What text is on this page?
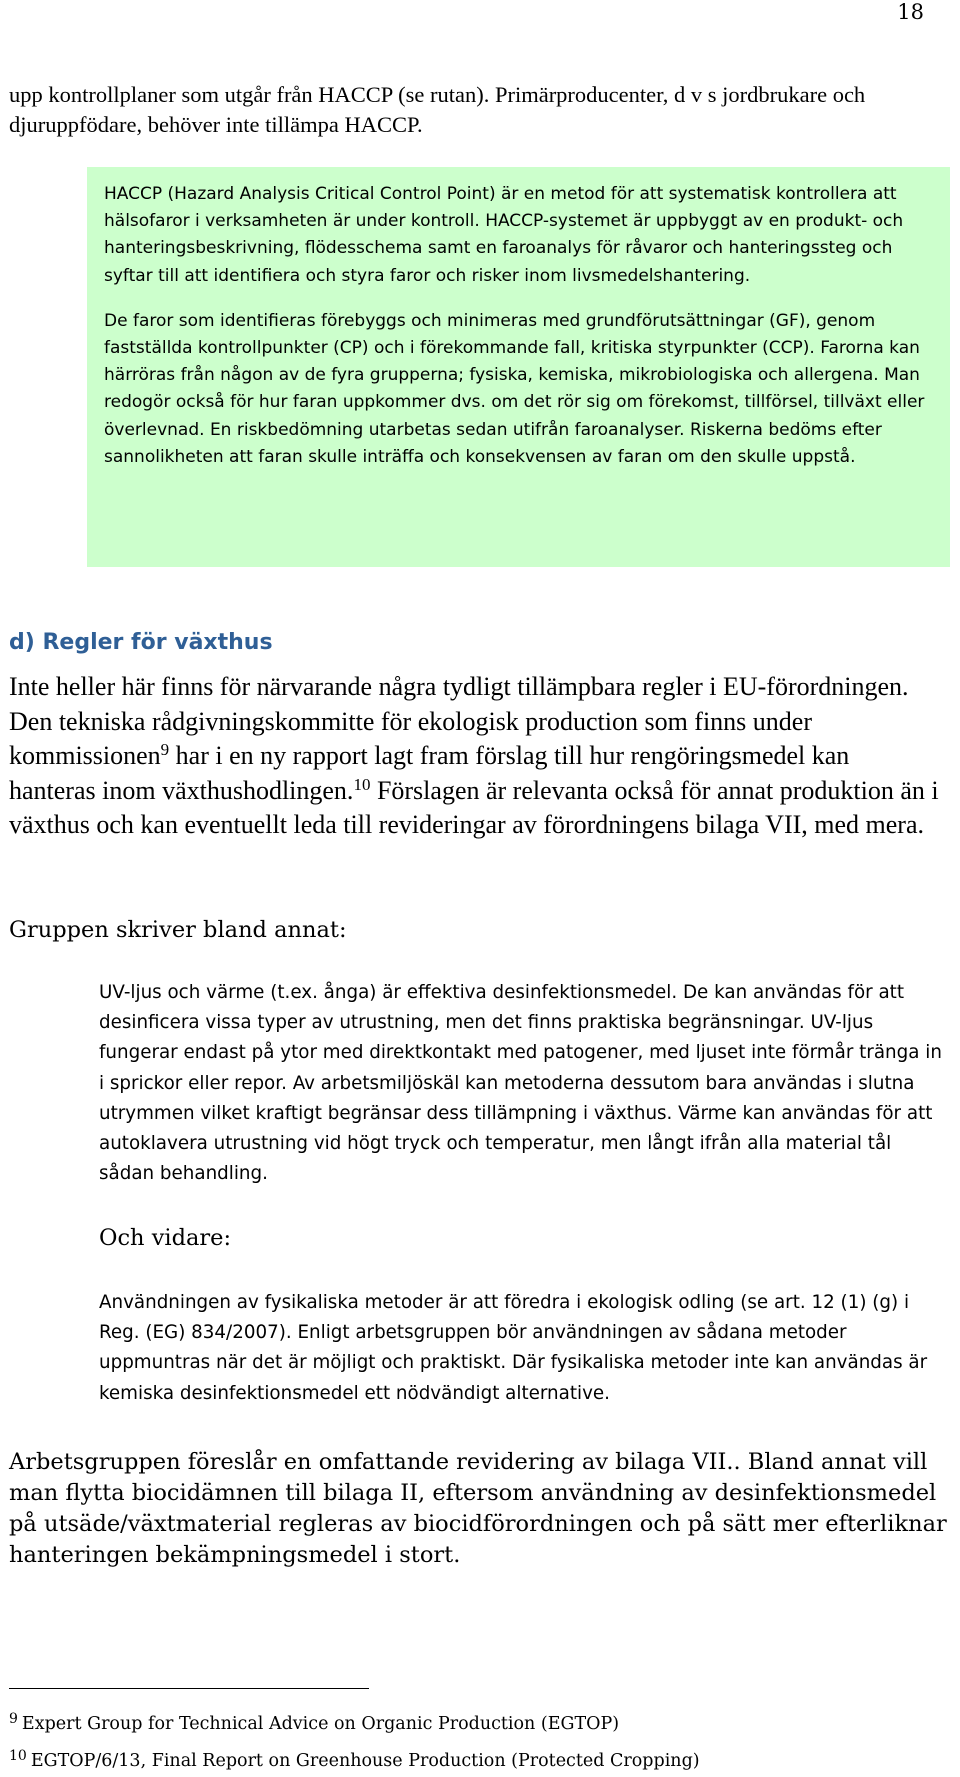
18

upp kontrollplaner som utgår från HACCP (se rutan). Primärproducenter, d v s jordbrukare och djuruppfödare, behöver inte tillämpa HACCP.

HACCP (Hazard Analysis Critical Control Point) är en metod för att systematisk kontrollera att hälsofaror i verksamheten är under kontroll. HACCP-systemet är uppbyggt av en produkt- och hanteringsbeskrivning, flödesschema samt en faroanalys för råvaror och hanteringssteg och syftar till att identifiera och styra faror och risker inom livsmedelshantering.

De faror som identifieras förebyggs och minimeras med grundförutsättningar (GF), genom fastställda kontrollpunkter (CP) och i förekommande fall, kritiska styrpunkter (CCP). Farorna kan härröras från någon av de fyra grupperna; fysiska, kemiska, mikrobiologiska och allergena. Man redogör också för hur faran uppkommer dvs. om det rör sig om förekomst, tillförsel, tillväxt eller överlevnad. En riskbedömning utarbetas sedan utifrån faroanalyser. Riskerna bedöms efter sannolikheten att faran skulle inträffa och konsekvensen av faran om den skulle uppstå.

d) Regler för växthus

Inte heller här finns för närvarande några tydligt tillämpbara regler i EU-förordningen. Den tekniska rådgivningskommitte för ekologisk production som finns under kommissionen$^9$ har i en ny rapport lagt fram förslag till hur rengöringsmedel kan hanteras inom växthushodlingen.$^{10}$ Förslagen är relevanta också för annat produktion än i växthus och kan eventuellt leda till revideringar av förordningens bilaga VII, med mera.

Gruppen skriver bland annat:

UV-ljus och värme (t.ex. ånga) är effektiva desinfektionsmedel. De kan användas för att desinficera vissa typer av utrustning, men det finns praktiska begränsningar. UV-ljus fungerar endast på ytor med direktkontakt med patogener, med ljuset inte förmår tränga in i sprickor eller repor. Av arbetsmiljöskäl kan metoderna dessutom bara användas i slutna utrymmen vilket kraftigt begränsar dess tillämpning i växthus. Värme kan användas för att autoklavera utrustning vid högt tryck och temperatur, men långt ifrån alla material tål sådan behandling.

Och vidare:

Användningen av fysikaliska metoder är att föredra i ekologisk odling (se art. 12 (1) (g) i Reg. (EG) 834/2007). Enligt arbetsgruppen bör användningen av sådana metoder uppmuntras när det är möjligt och praktiskt. Där fysikaliska metoder inte kan användas är kemiska desinfektionsmedel ett nödvändigt alternative.

Arbetsgruppen föreslår en omfattande revidering av bilaga VII.. Bland annat vill man flytta biocidämnen till bilaga II, eftersom användning av desinfektionsmedel på utsäde/växtmaterial regleras av biocidförordningen och på sätt mer efterliknar hanteringen bekämpningsmedel i stort.

$^9$ Expert Group for Technical Advice on Organic Production (EGTOP)
$^{10}$ EGTOP/6/13, Final Report on Greenhouse Production (Protected Cropping)
